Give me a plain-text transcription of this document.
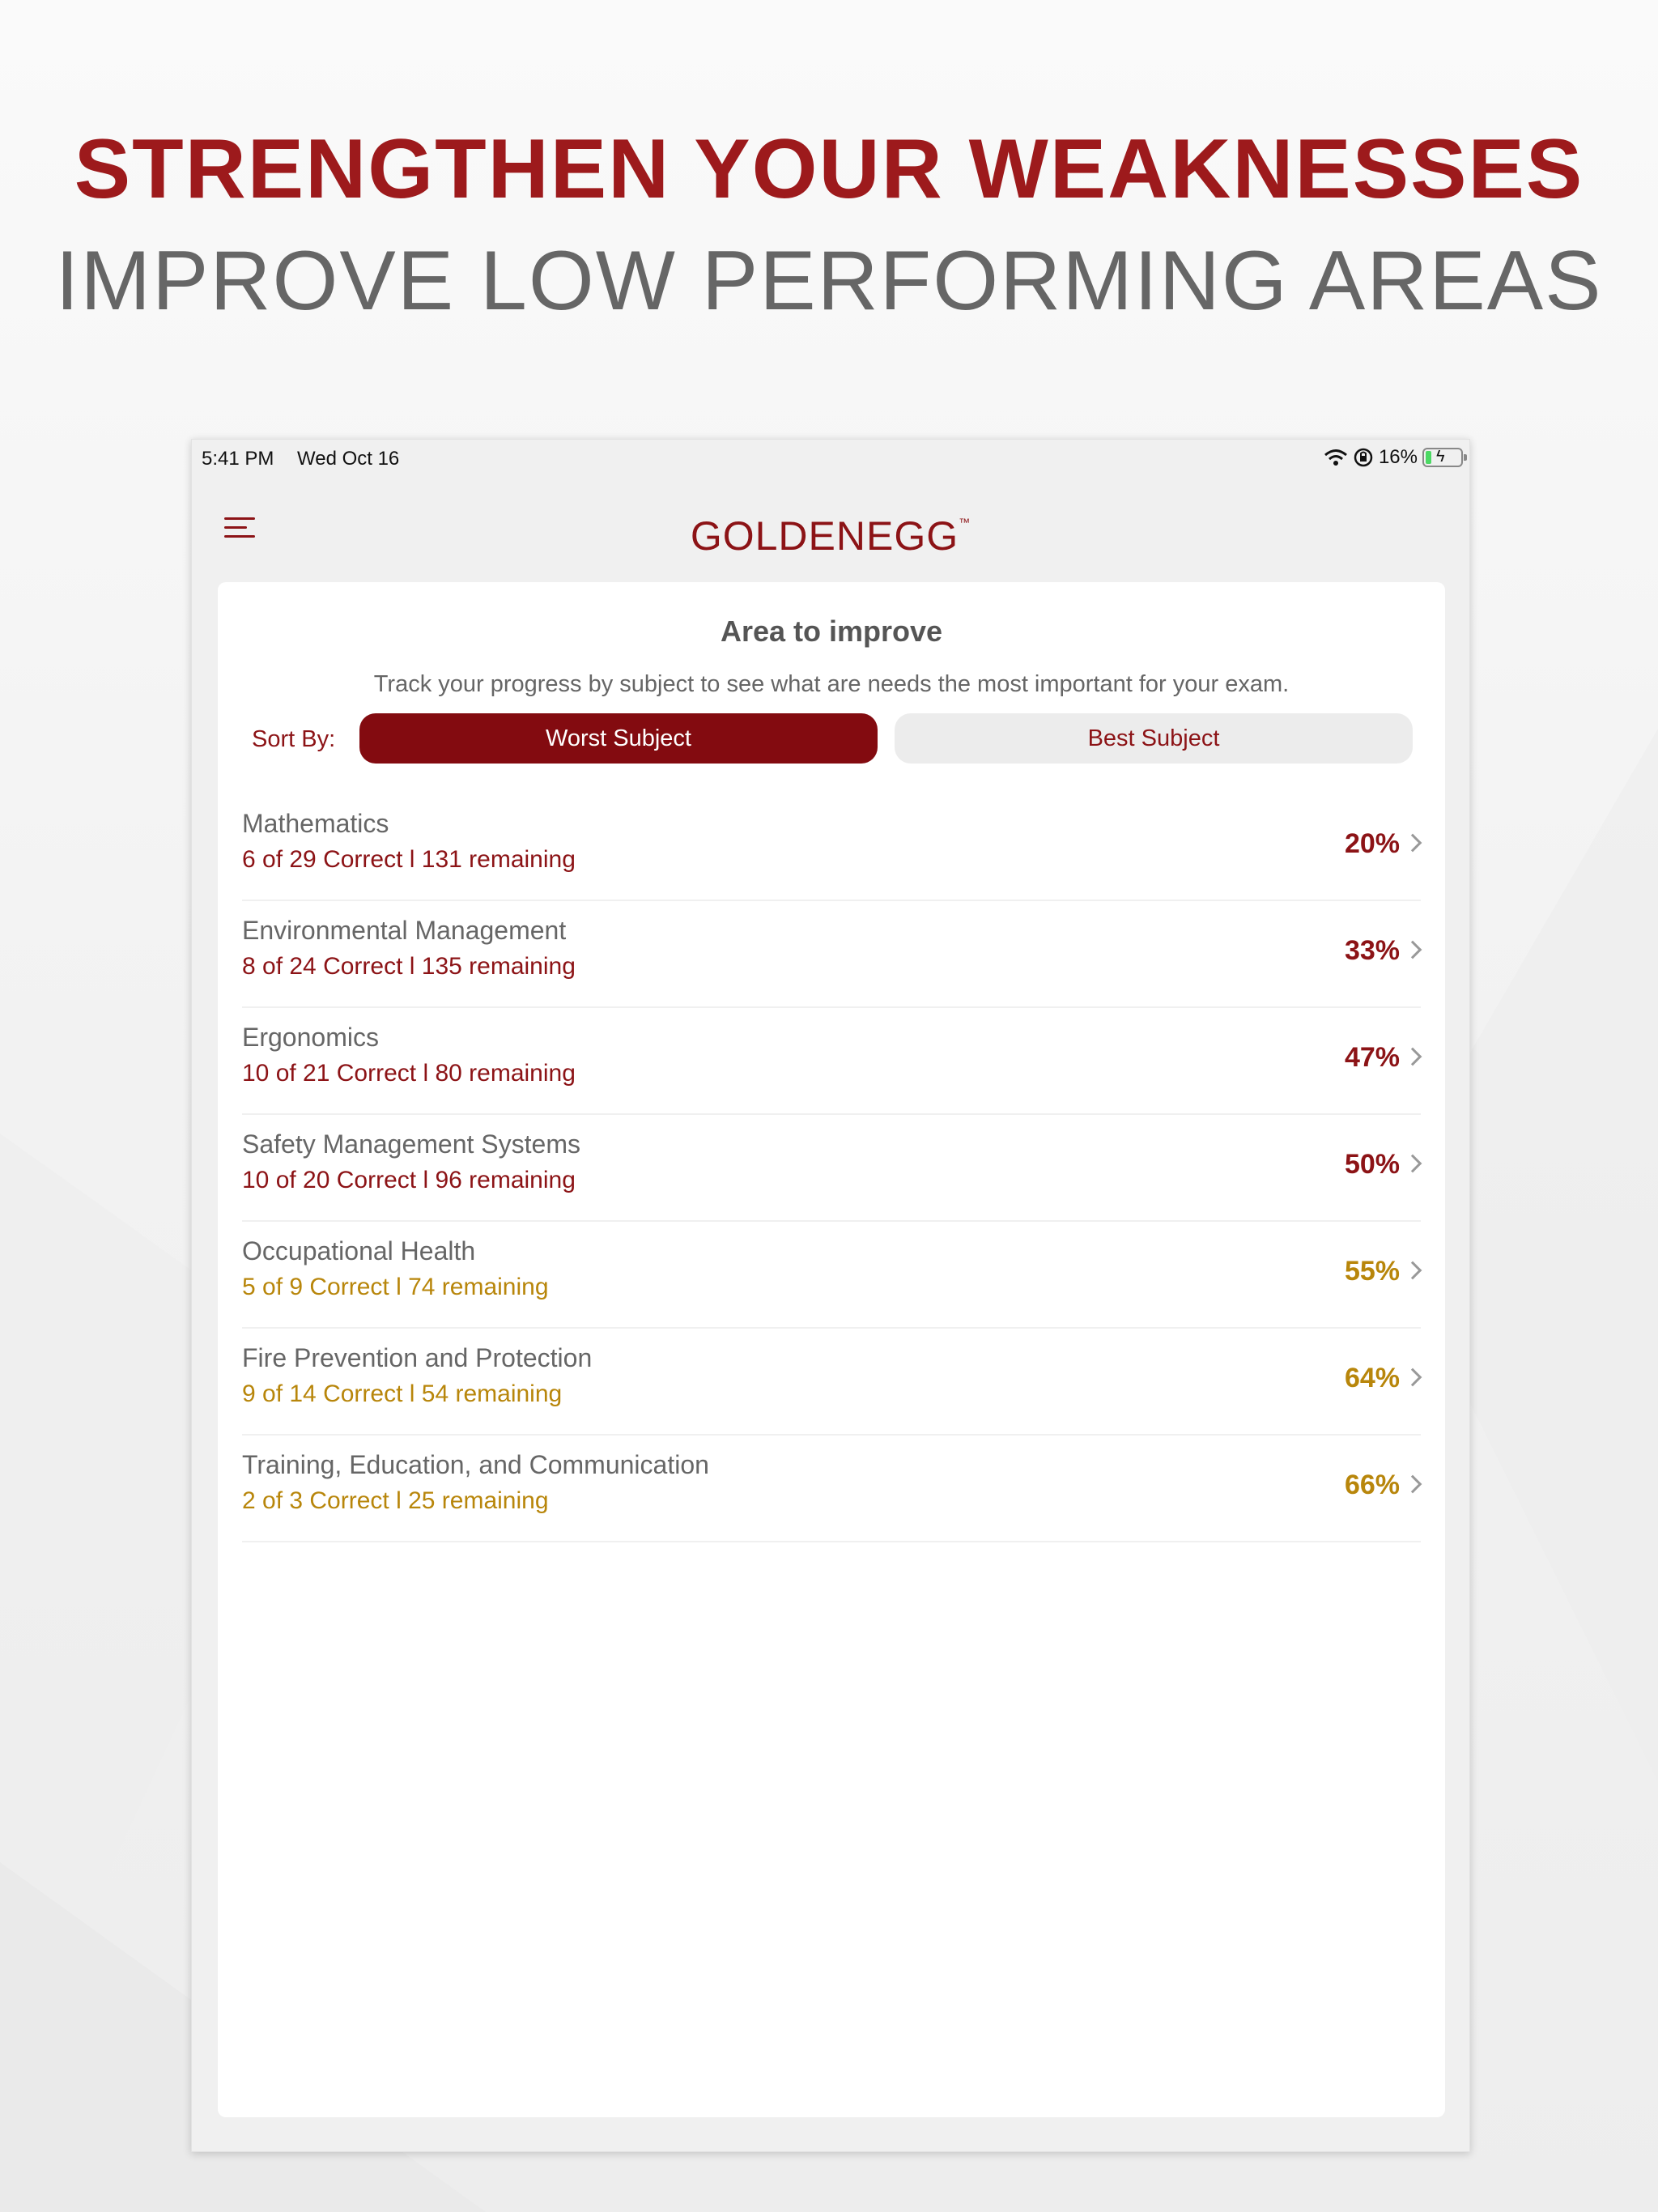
STRENGTHEN YOUR WEAKNESSES
IMPROVE LOW PERFORMING AREAS
5:41 PM Wed Oct 16	16% ϟ
GOLDENEGG™
Area to improve
Track your progress by subject to see what are needs the most important for your exam.
Sort By:	Worst Subject	Best Subject
Mathematics
6 of 29 Correct l 131 remaining
20%
Environmental Management
8 of 24 Correct l 135 remaining
33%
Ergonomics
10 of 21 Correct l 80 remaining
47%
Safety Management Systems
10 of 20 Correct l 96 remaining
50%
Occupational Health
5 of 9 Correct l 74 remaining
55%
Fire Prevention and Protection
9 of 14 Correct l 54 remaining
64%
Training, Education, and Communication
2 of 3 Correct l 25 remaining
66%
